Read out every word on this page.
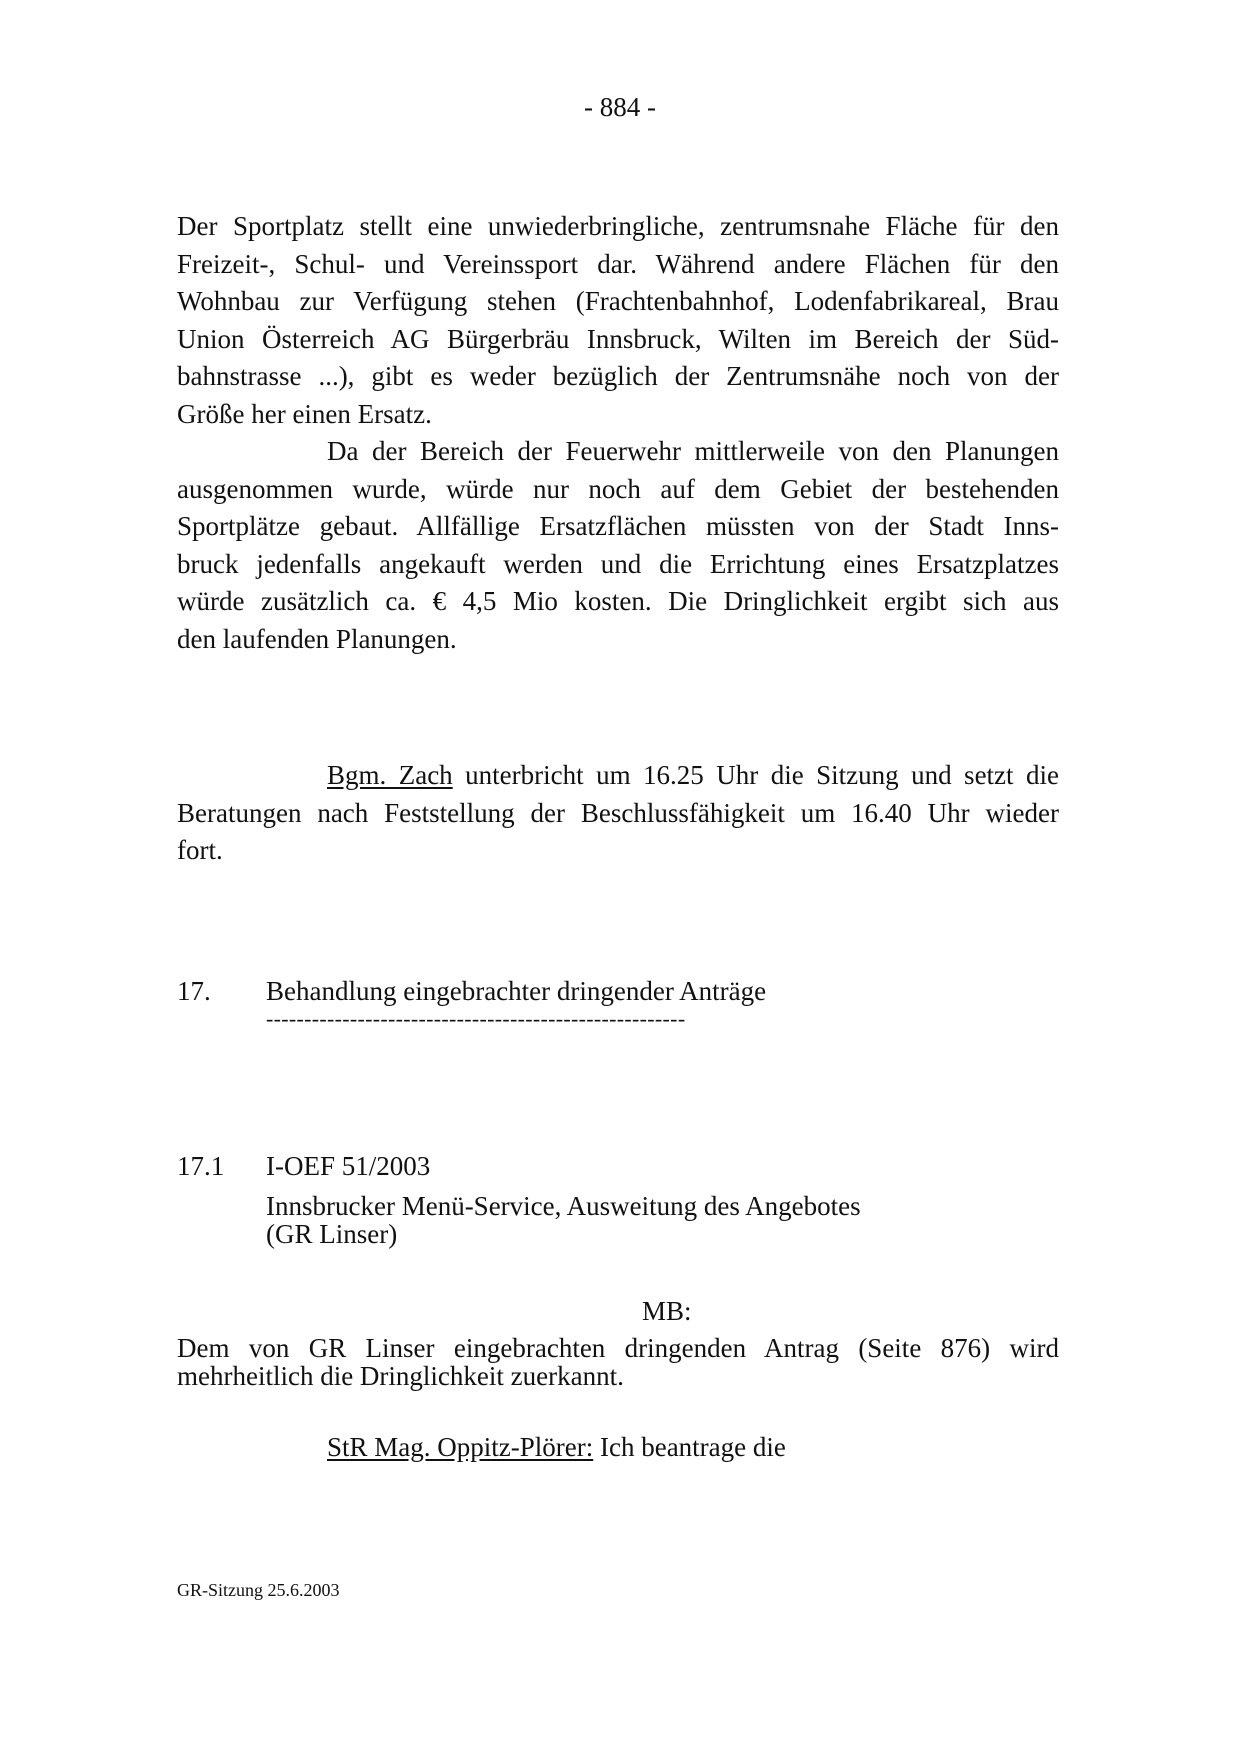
- 884 -
Der Sportplatz stellt eine unwiederbringliche, zentrumsnahe Fläche für den
Freizeit-, Schul- und Vereinssport dar. Während andere Flächen für den
Wohnbau zur Verfügung stehen (Frachtenbahnhof, Lodenfabrikareal, Brau
Union Österreich AG Bürgerbräu Innsbruck, Wilten im Bereich der Süd-
bahnstrasse ...), gibt es weder bezüglich der Zentrumsnähe noch von der
Größe her einen Ersatz.
Da der Bereich der Feuerwehr mittlerweile von den Planungen
ausgenommen wurde, würde nur noch auf dem Gebiet der bestehenden
Sportplätze gebaut. Allfällige Ersatzflächen müssten von der Stadt Inns-
bruck jedenfalls angekauft werden und die Errichtung eines Ersatzplatzes
würde zusätzlich ca. € 4,5 Mio kosten. Die Dringlichkeit ergibt sich aus
den laufenden Planungen.
Bgm. Zach unterbricht um 16.25 Uhr die Sitzung und setzt die
Beratungen nach Feststellung der Beschlussfähigkeit um 16.40 Uhr wieder
fort.
17. Behandlung eingebrachter dringender Anträge
-------------------------------------------------------
17.1 I-OEF 51/2003
Innsbrucker Menü-Service, Ausweitung des Angebotes
(GR Linser)
MB:
Dem von GR Linser eingebrachten dringenden Antrag (Seite 876) wird
mehrheitlich die Dringlichkeit zuerkannt.
StR Mag. Oppitz-Plörer: Ich beantrage die
GR-Sitzung 25.6.2003
